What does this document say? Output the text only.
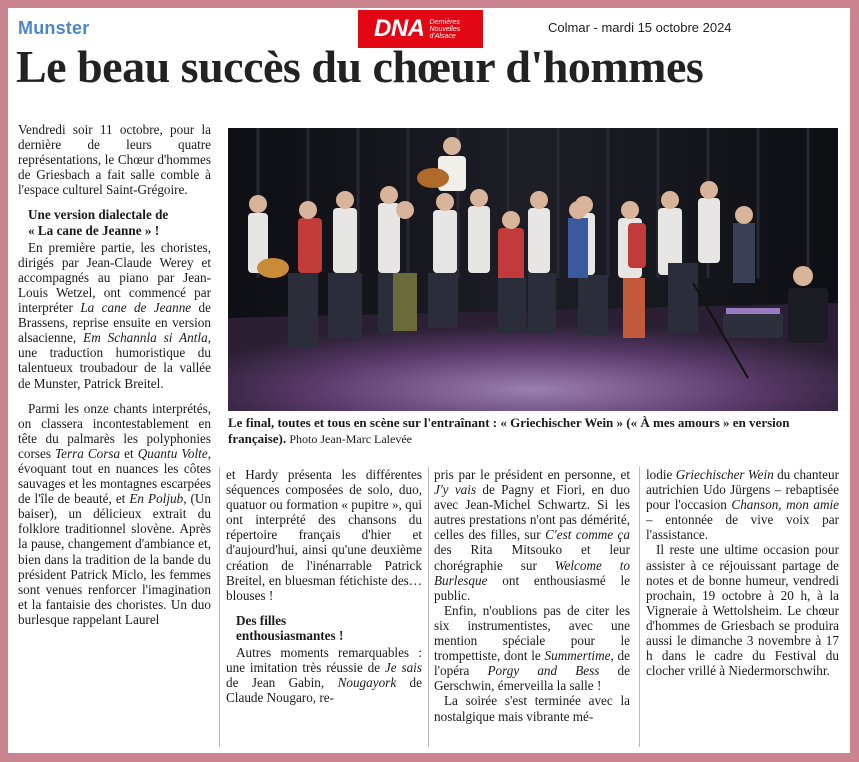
Munster	DNA Dernières Nouvelles d'Alsace
Colmar - mardi 15 octobre 2024
Le beau succès du chœur d'hommes

Vendredi soir 11 octobre, pour la dernière de leurs quatre représentations, le Chœur d'hommes de Griesbach a fait salle comble à l'espace culturel Saint-Grégoire.

Une version dialectale de
« La cane de Jeanne » !

En première partie, les choristes, dirigés par Jean-Claude Werey et accompagnés au piano par Jean-Louis Wetzel, ont commencé par interpréter La cane de Jeanne de Brassens, reprise ensuite en version alsacienne, Em Schannla si Antla, une traduction humoristique du talentueux troubadour de la vallée de Munster, Patrick Breitel.

Parmi les onze chants interprétés, on classera incontestablement en tête du palmarès les polyphonies corses Terra Corsa et Quantu Volte, évoquant tout en nuances les côtes sauvages et les montagnes escarpées de l'île de beauté, et En Poljub, (Un baiser), un délicieux extrait du folklore traditionnel slovène. Après la pause, changement d'ambiance et, bien dans la tradition de la bande du président Patrick Miclo, les femmes sont venues renforcer l'imagination et la fantaisie des choristes. Un duo burlesque rappelant Laurel

Le final, toutes et tous en scène sur l'entraînant : « Griechischer Wein » (« À mes amours » en version française). Photo Jean-Marc Lalevée

et Hardy présenta les différentes séquences composées de solo, duo, quatuor ou formation « pupitre », qui ont interprété des chansons du répertoire français d'hier et d'aujourd'hui, ainsi qu'une deuxième création de l'inénarrable Patrick Breitel, en bluesman fétichiste des… blouses !

Des filles
enthousiasmantes !

Autres moments remarquables : une imitation très réussie de Je sais de Jean Gabin, Nougayork de Claude Nougaro, re-

pris par le président en personne, et J'y vais de Pagny et Fiori, en duo avec Jean-Michel Schwartz. Si les autres prestations n'ont pas démérité, celles des filles, sur C'est comme ça des Rita Mitsouko et leur chorégraphie sur Welcome to Burlesque ont enthousiasmé le public.

Enfin, n'oublions pas de citer les six instrumentistes, avec une mention spéciale pour le trompettiste, dont le Summertime, de l'opéra Porgy and Bess de Gerschwin, émerveilla la salle !

La soirée s'est terminée avec la nostalgique mais vibrante mé-

lodie Griechischer Wein du chanteur autrichien Udo Jürgens – rebaptisée pour l'occasion Chanson, mon amie – entonnée de vive voix par l'assistance.

Il reste une ultime occasion pour assister à ce réjouissant partage de notes et de bonne humeur, vendredi prochain, 19 octobre à 20 h, à la Vigneraie à Wettolsheim. Le chœur d'hommes de Griesbach se produira aussi le dimanche 3 novembre à 17 h dans le cadre du Festival du clocher vrillé à Niedermorschwihr.
